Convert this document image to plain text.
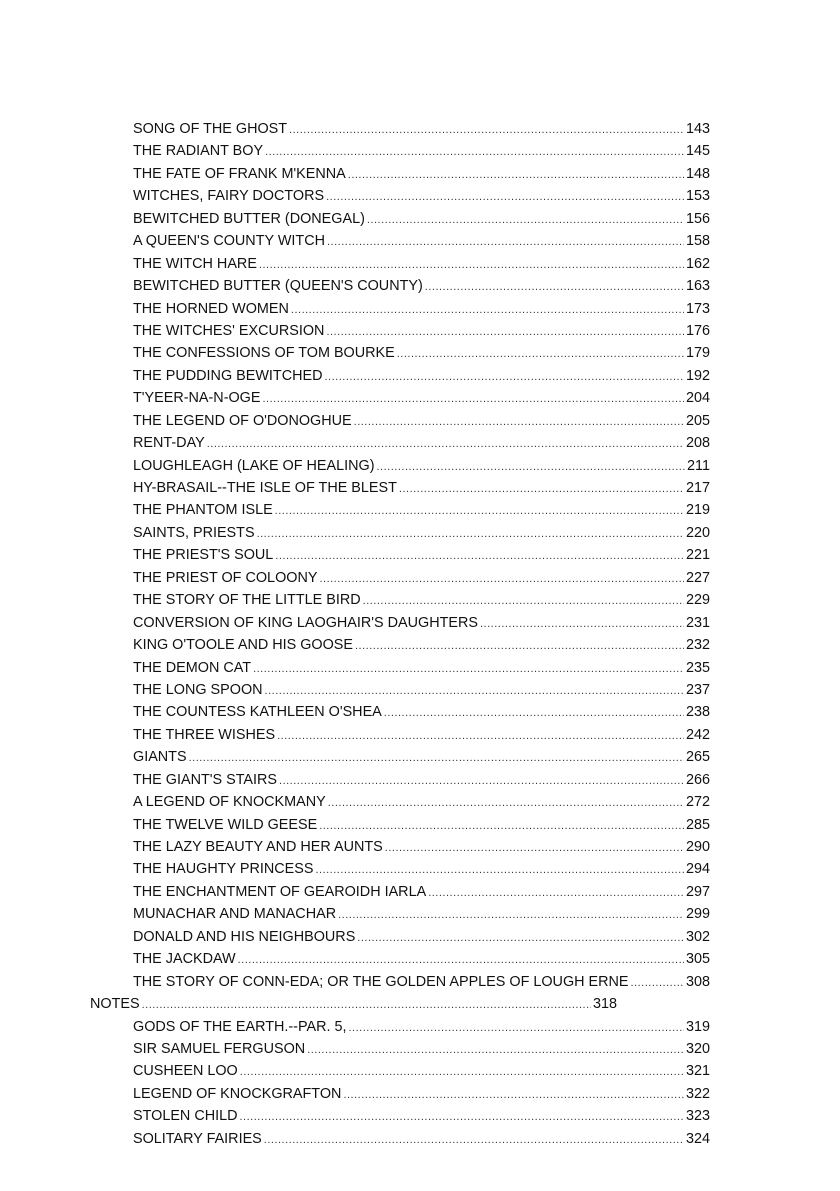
SONG OF THE GHOST .....	143
THE RADIANT BOY .....	145
THE FATE OF FRANK M'KENNA .....	148
WITCHES, FAIRY DOCTORS .....	153
BEWITCHED BUTTER (DONEGAL) .....	156
A QUEEN'S COUNTY WITCH .....	158
THE WITCH HARE .....	162
BEWITCHED BUTTER (QUEEN'S COUNTY) .....	163
THE HORNED WOMEN .....	173
THE WITCHES' EXCURSION .....	176
THE CONFESSIONS OF TOM BOURKE .....	179
THE PUDDING BEWITCHED .....	192
T'YEER-NA-N-OGE .....	204
THE LEGEND OF O'DONOGHUE .....	205
RENT-DAY .....	208
LOUGHLEAGH (LAKE OF HEALING) .....	211
HY-BRASAIL--THE ISLE OF THE BLEST .....	217
THE PHANTOM ISLE .....	219
SAINTS, PRIESTS .....	220
THE PRIEST'S SOUL .....	221
THE PRIEST OF COLOONY .....	227
THE STORY OF THE LITTLE BIRD .....	229
CONVERSION OF KING LAOGHAIR'S DAUGHTERS .....	231
KING O'TOOLE AND HIS GOOSE .....	232
THE DEMON CAT .....	235
THE LONG SPOON .....	237
THE COUNTESS KATHLEEN O'SHEA .....	238
THE THREE WISHES .....	242
GIANTS .....	265
THE GIANT'S STAIRS .....	266
A LEGEND OF KNOCKMANY .....	272
THE TWELVE WILD GEESE .....	285
THE LAZY BEAUTY AND HER AUNTS .....	290
THE HAUGHTY PRINCESS .....	294
THE ENCHANTMENT OF GEAROIDH IARLA .....	297
MUNACHAR AND MANACHAR .....	299
DONALD AND HIS NEIGHBOURS .....	302
THE JACKDAW .....	305
THE STORY OF CONN-EDA; OR THE GOLDEN APPLES OF LOUGH ERNE .....	308
NOTES .....	318
GODS OF THE EARTH.--PAR. 5, .....	319
SIR SAMUEL FERGUSON .....	320
CUSHEEN LOO .....	321
LEGEND OF KNOCKGRAFTON .....	322
STOLEN CHILD .....	323
SOLITARY FAIRIES .....	324
